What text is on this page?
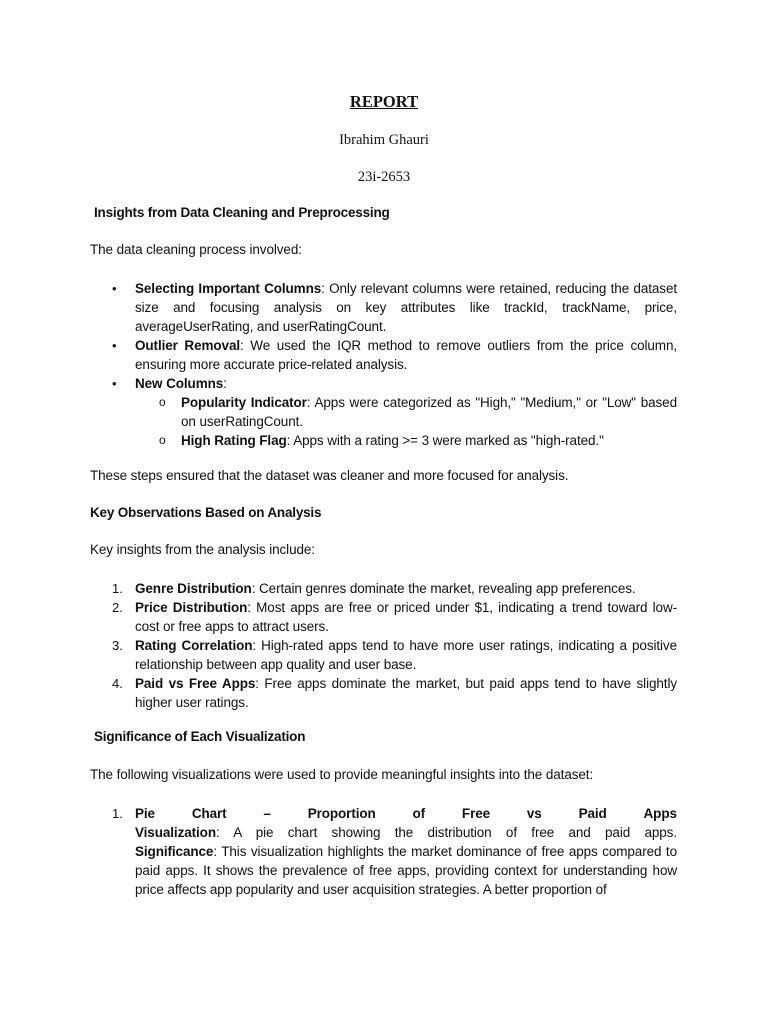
REPORT
Ibrahim Ghauri
23i-2653
Insights from Data Cleaning and Preprocessing
The data cleaning process involved:
• Selecting Important Columns: Only relevant columns were retained, reducing the dataset size and focusing analysis on key attributes like trackId, trackName, price, averageUserRating, and userRatingCount.
• Outlier Removal: We used the IQR method to remove outliers from the price column, ensuring more accurate price-related analysis.
• New Columns:
o Popularity Indicator: Apps were categorized as "High," "Medium," or "Low" based on userRatingCount.
o High Rating Flag: Apps with a rating >= 3 were marked as "high-rated."
These steps ensured that the dataset was cleaner and more focused for analysis.
Key Observations Based on Analysis
Key insights from the analysis include:
1. Genre Distribution: Certain genres dominate the market, revealing app preferences.
2. Price Distribution: Most apps are free or priced under $1, indicating a trend toward low-cost or free apps to attract users.
3. Rating Correlation: High-rated apps tend to have more user ratings, indicating a positive relationship between app quality and user base.
4. Paid vs Free Apps: Free apps dominate the market, but paid apps tend to have slightly higher user ratings.
Significance of Each Visualization
The following visualizations were used to provide meaningful insights into the dataset:
1. Pie	Chart	–	Proportion	of	Free	vs	Paid	Apps
Visualization: A pie chart showing the distribution of free and paid apps.
Significance: This visualization highlights the market dominance of free apps compared to paid apps. It shows the prevalence of free apps, providing context for understanding how price affects app popularity and user acquisition strategies. A better proportion of
